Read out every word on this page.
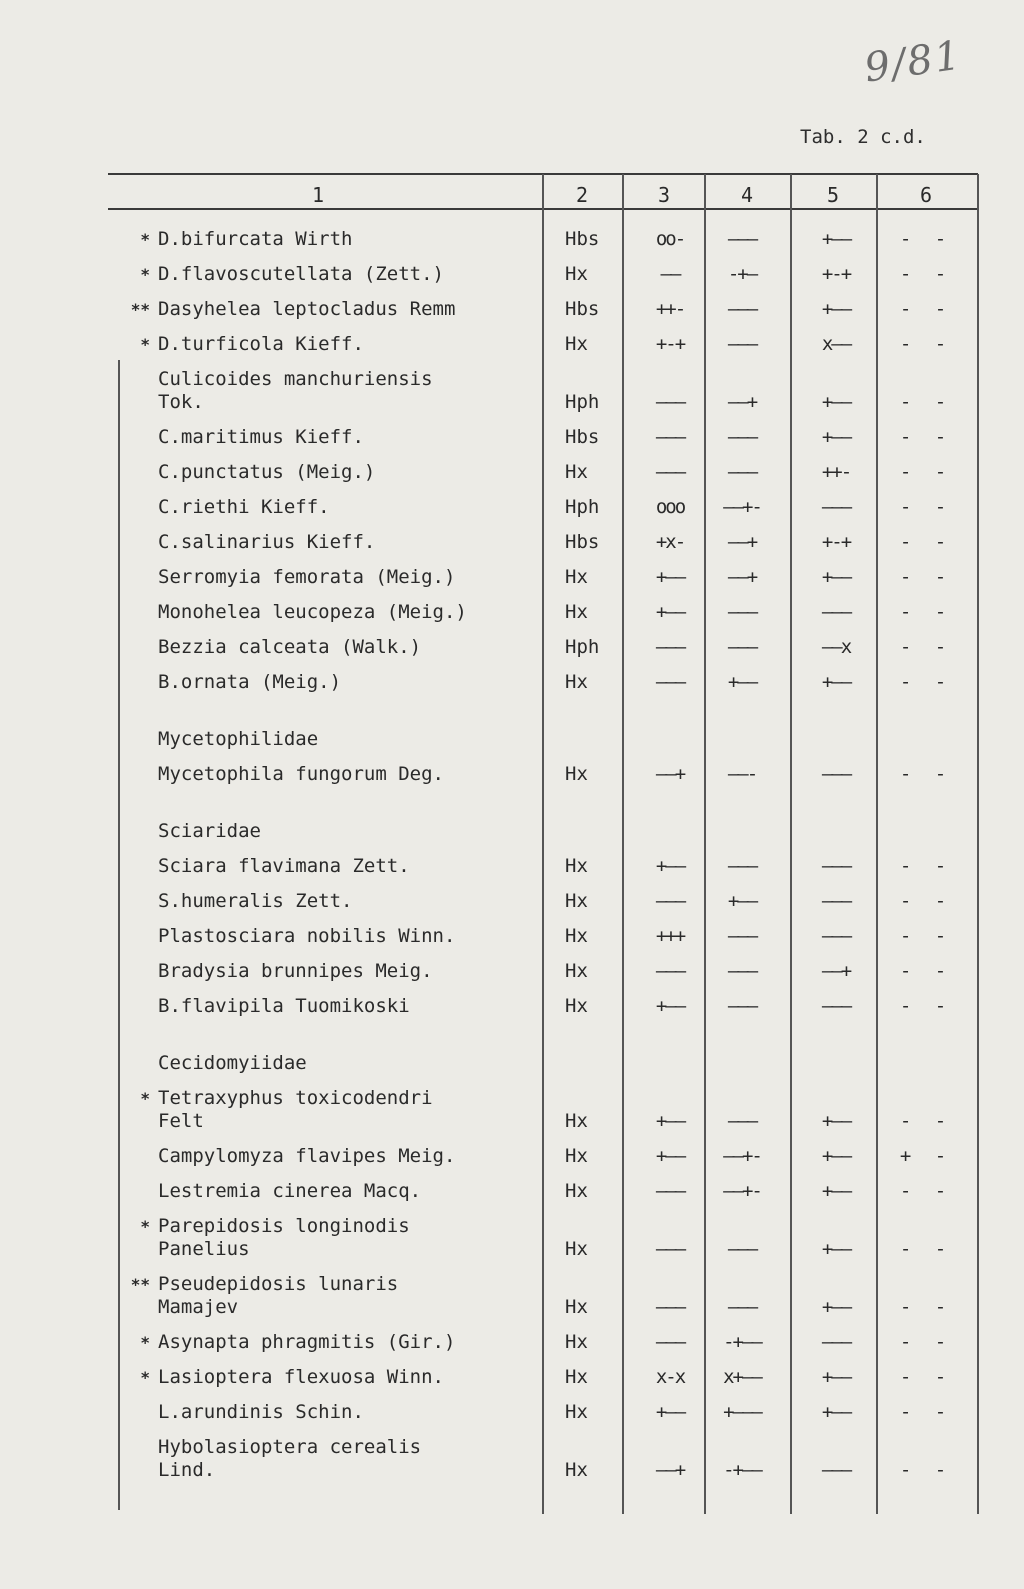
9/81
Tab. 2 c.d.
1	2	3	4	5	6
* D.bifurcata Wirth	Hbs	oo-	———	+——	- -
* D.flavoscutellata (Zett.)	Hx	——	-+—	+-+	- -
** Dasyhelea leptocladus Remm	Hbs	++-	———	+——	- -
* D.turficola Kieff.	Hx	+-+	———	x——	- -
Culicoides manchuriensis
Tok.	Hph	———	——+	+——	- -
C.maritimus Kieff.	Hbs	———	———	+——	- -
C.punctatus (Meig.)	Hx	———	———	++-	- -
C.riethi Kieff.	Hph	ooo	——+-	———	- -
C.salinarius Kieff.	Hbs	+x-	——+	+-+	- -
Serromyia femorata (Meig.)	Hx	+——	——+	+——	- -
Monohelea leucopeza (Meig.)	Hx	+——	———	———	- -
Bezzia calceata (Walk.)	Hph	———	———	——x	- -
B.ornata (Meig.)	Hx	———	+——	+——	- -
Mycetophilidae
Mycetophila fungorum Deg.	Hx	——+	——-	———	- -
Sciaridae
Sciara flavimana Zett.	Hx	+——	———	———	- -
S.humeralis Zett.	Hx	———	+——	———	- -
Plastosciara nobilis Winn.	Hx	+++	———	———	- -
Bradysia brunnipes Meig.	Hx	———	———	——+	- -
B.flavipila Tuomikoski	Hx	+——	———	———	- -
Cecidomyiidae
* Tetraxyphus toxicodendri
Felt	Hx	+——	———	+——	- -
Campylomyza flavipes Meig.	Hx	+——	——+-	+——	+ -
Lestremia cinerea Macq.	Hx	———	——+-	+——	- -
* Parepidosis longinodis
Panelius	Hx	———	———	+——	- -
** Pseudepidosis lunaris
Mamajev	Hx	———	———	+——	- -
* Asynapta phragmitis (Gir.)	Hx	———	-+——	———	- -
* Lasioptera flexuosa Winn.	Hx	x-x	x+——	+——	- -
L.arundinis Schin.	Hx	+——	+———	+——	- -
Hybolasioptera cerealis
Lind.	Hx	——+	-+——	———	- -
